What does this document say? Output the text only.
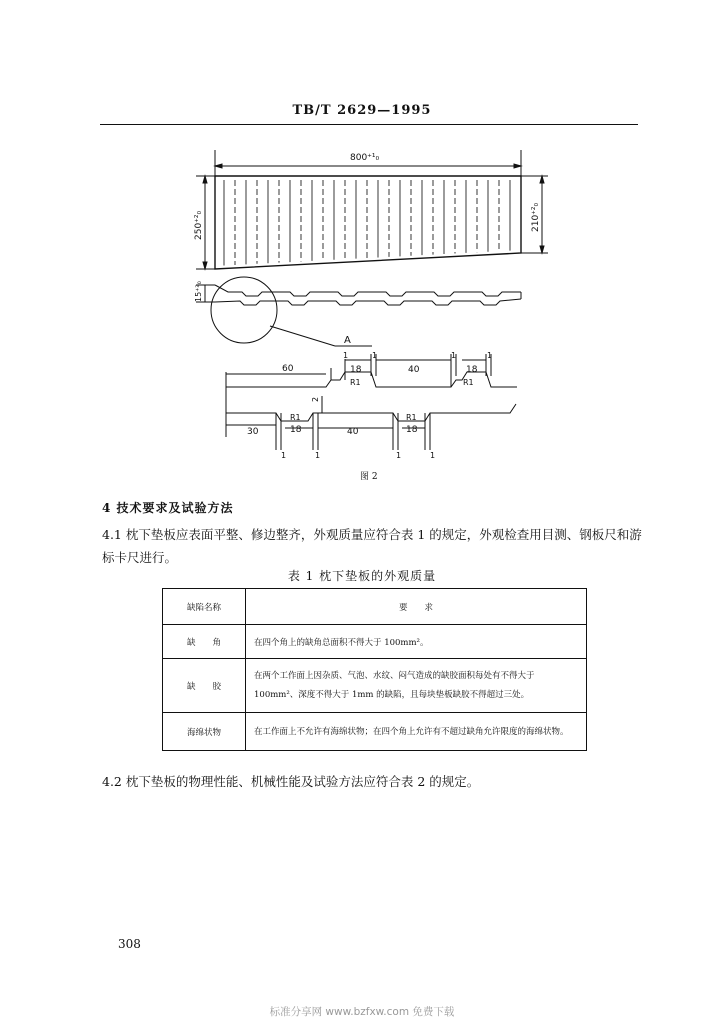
TB/T 2629—1995
800⁺¹₀
250⁺²₀	210⁺²₀
15⁺²₀
A
60	18	40	18
1	1	1	1
R1	R1
2
30	18	40	18
R1	R1
1	1	1	1
图 2
4 技术要求及试验方法
4.1 枕下垫板应表面平整、修边整齐，外观质量应符合表 1 的规定，外观检查用目测、钢板尺和游标卡尺进行。
表 1 枕下垫板的外观质量
缺陷名称	要　　求
缺　　角	在四个角上的缺角总面积不得大于 100mm²。
缺　　胶	在两个工作面上因杂质、气泡、水纹、闷气造成的缺胶面积每处有不得大于 100mm²、深度不得大于 1mm 的缺陷，且每块垫板缺胶不得超过三处。
海绵状物	在工作面上不允许有海绵状物；在四个角上允许有不超过缺角允许限度的海绵状物。
4.2 枕下垫板的物理性能、机械性能及试验方法应符合表 2 的规定。
308
标准分享网 www.bzfxw.com 免费下载
